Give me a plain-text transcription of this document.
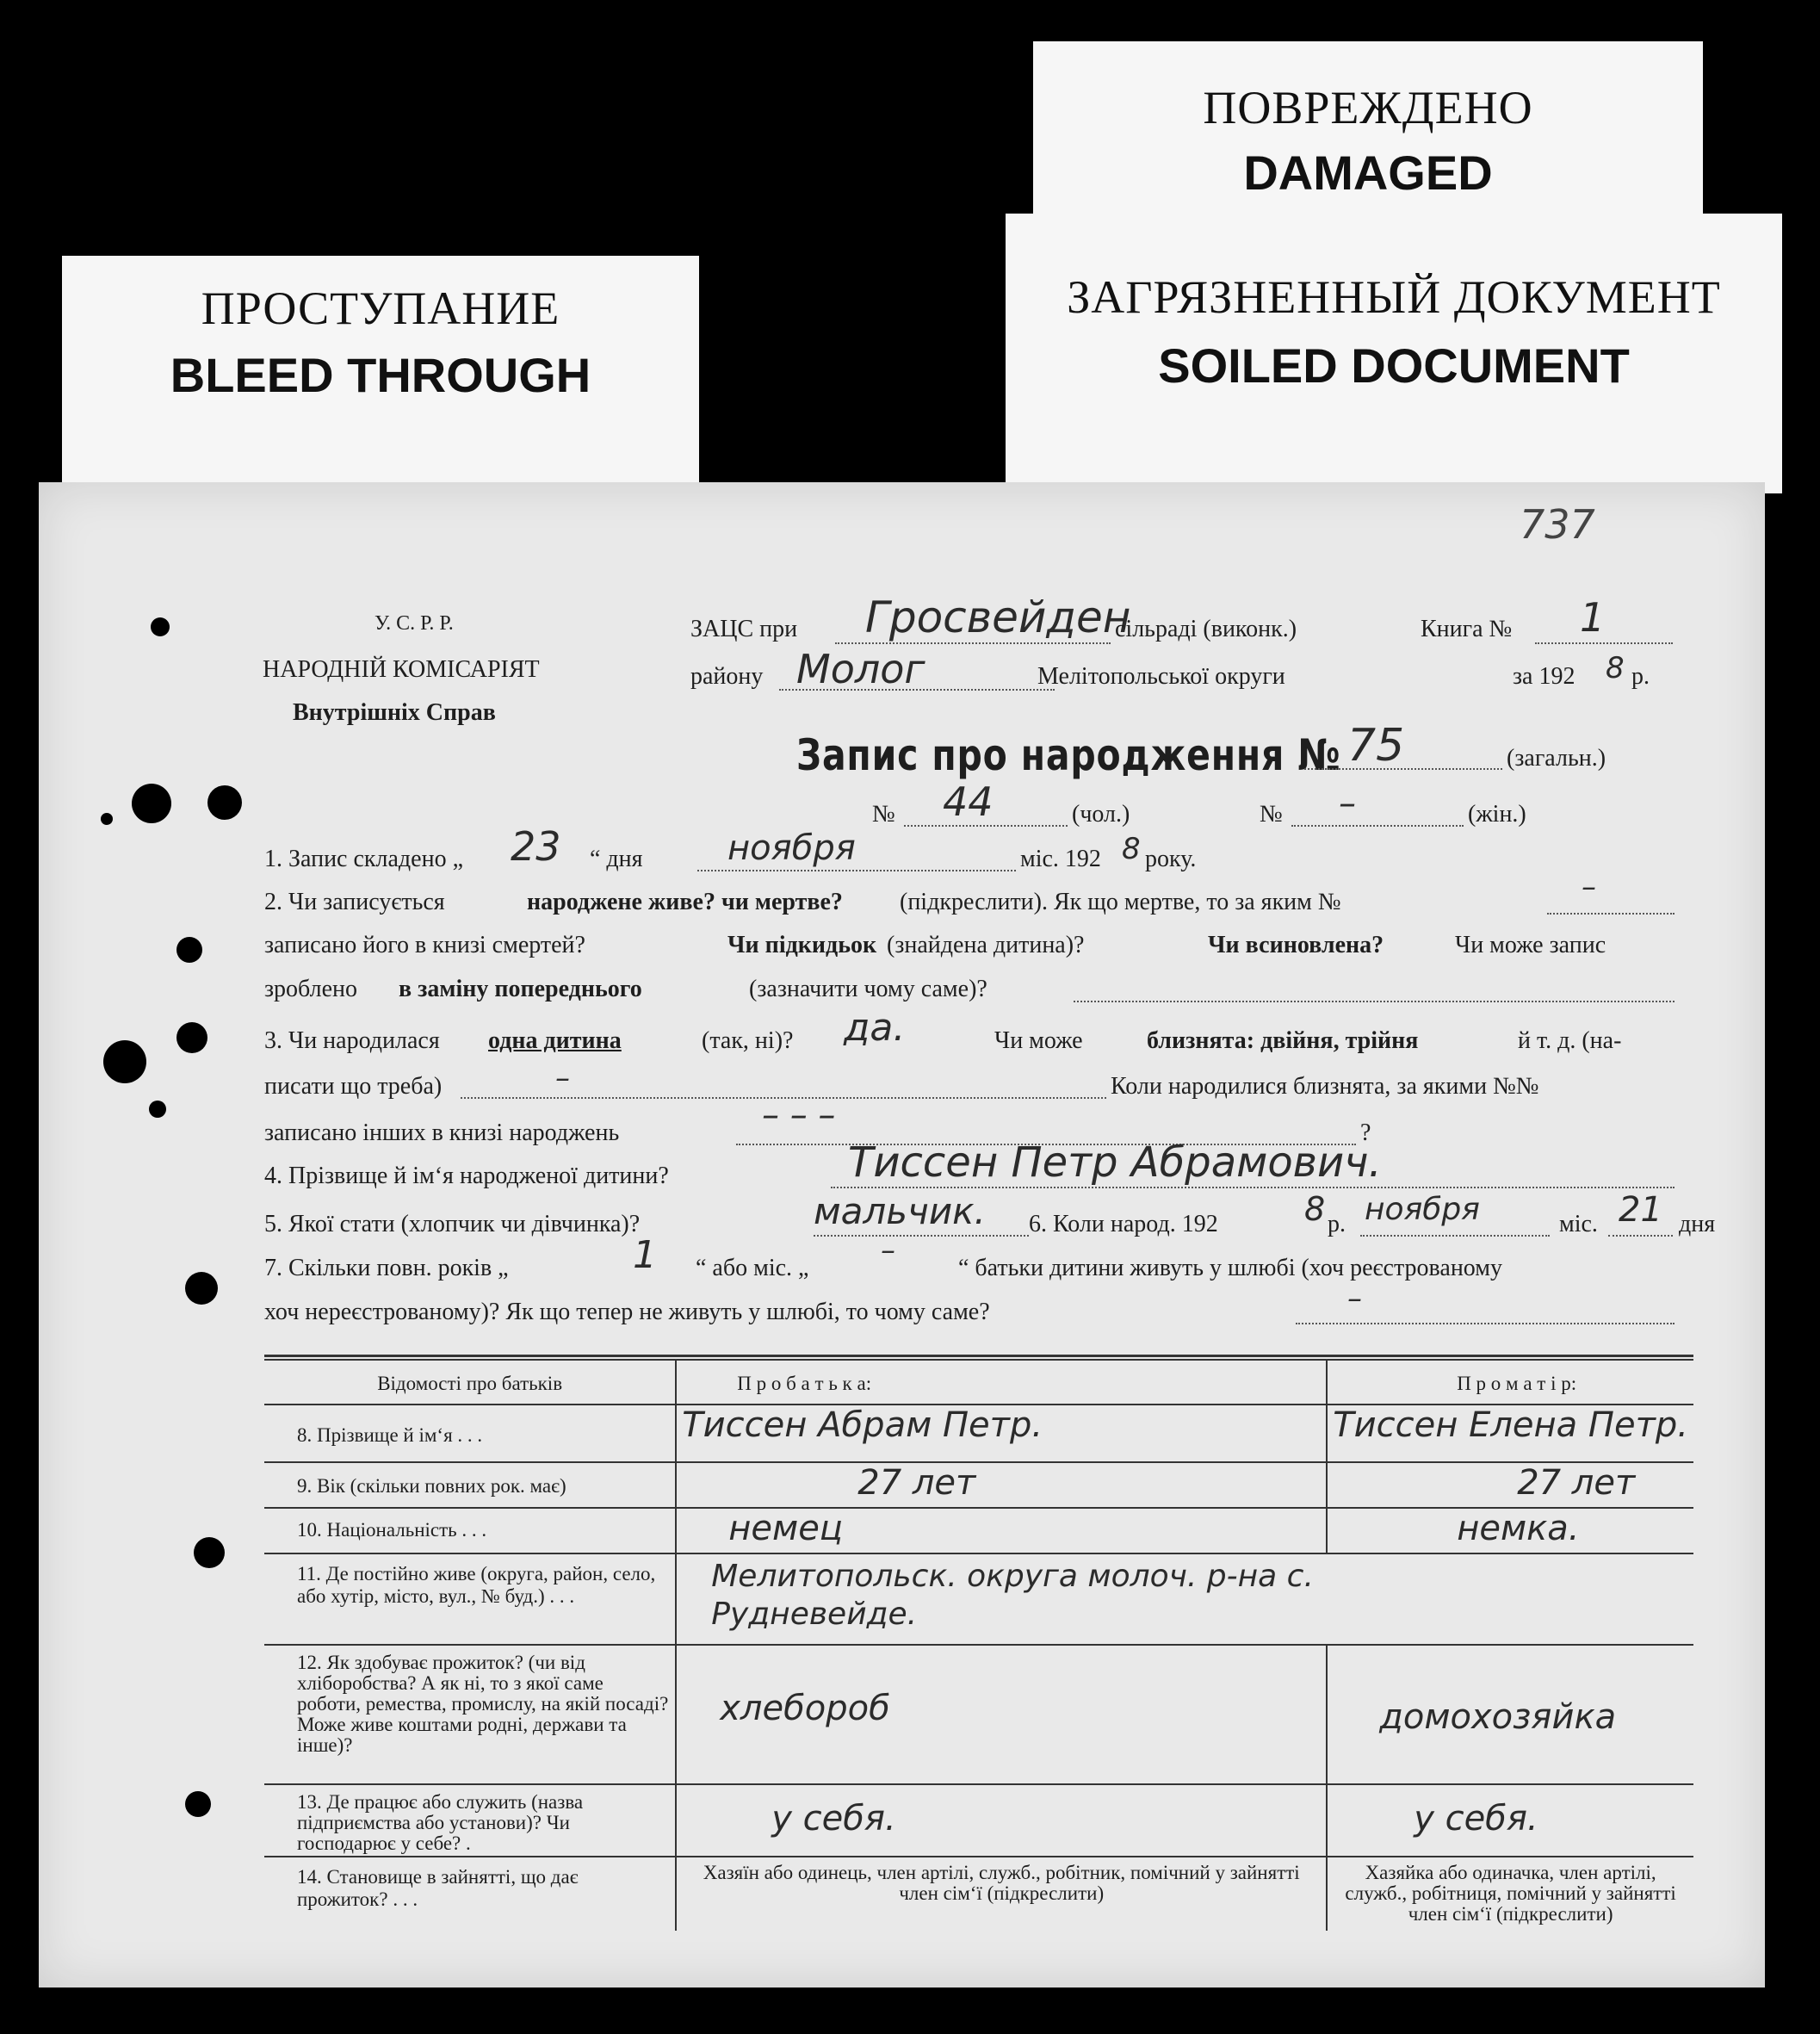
ПРОСТУПАНИЕ
BLEED THROUGH
ПОВРЕЖДЕНО
DAMAGED
ЗАГРЯЗНЕННЫЙ ДОКУМЕНТ
SOILED DOCUMENT
737
У. С. Р. Р.
НАРОДНІЙ КОМІСАРІЯТ
Внутрішніх Справ
ЗАЦС при Гросвейден
сільраді (виконк.)	Книга № 1
району Молог	Мелітопольської округи	за 192 8 р.
Запис про народження № 75	(загальн.)
№ 44	(чол.)	№ –	(жін.)
1. Запис складено „ 23 “ дня ноября	міс. 192 8 року.
2. Чи записується	народжене живе? чи мертве? (підкреслити). Як що мертве, то за яким №	–
записано його в книзі смертей?	Чи підкидьок (знайдена дитина)?	Чи всиновлена?	Чи може запис
зроблено в заміну попереднього	(зазначити чому саме)?
3. Чи народилася одна дитина	(так, ні)? да.	Чи може	близнята: двійня, трійня	й т. д. (на-
писати що треба)	–	Коли народилися близнята, за якими №№
записано інших в книзі народжень	– – –	?
4. Прізвище й ім‘я народженої дитини?	Тиссен Петр Абрамович.
5. Якої стати (хлопчик чи дівчинка)?	мальчик. 6. Коли народ. 192	8 р. ноября	міс. 21 дня
7. Скільки повн. років „	1 “ або міс. „
–
“ батьки дитини живуть у шлюбі (хоч реєстрованому
хоч нереєстрованому)? Як що тепер не живуть у шлюбі, то чому саме?	–
Відомості про батьків	П р о б а т ь к а:	П р о м а т і р:
8. Прізвище й ім‘я . . .	Тиссен Абрам Петр.	Тиссен Елена Петр.
9. Вік (скільки повних рок. має)	27 лет	27 лет
10. Національність . . .	немец	немка.
11. Де постійно живе (округа, район, село, або хутір, місто, вул., № буд.) . . .	Мелитопольск. округа молоч. р-на с. Рудневейде.	

12. Як здобуває прожиток? (чи від хліборобства? А як ні, то з якої саме роботи, ремества, промислу, на якій посаді? Може живе коштами родні, держави та інше)?	хлебороб	домохозяйка
13. Де працює або служить (назва підприємства або установи)? Чи господарює у себе? .	у себя.	у себя.
14. Становище в зайнятті, що дає прожиток? . . .	Хазяїн або одинець, член артілі, служб., робітник, помічний у зайнятті член сім‘ї (підкреслити)	Хазяйка або одиначка, член артілі, служб., робітниця, помічний у зайнятті член сім‘ї (підкреслити)
